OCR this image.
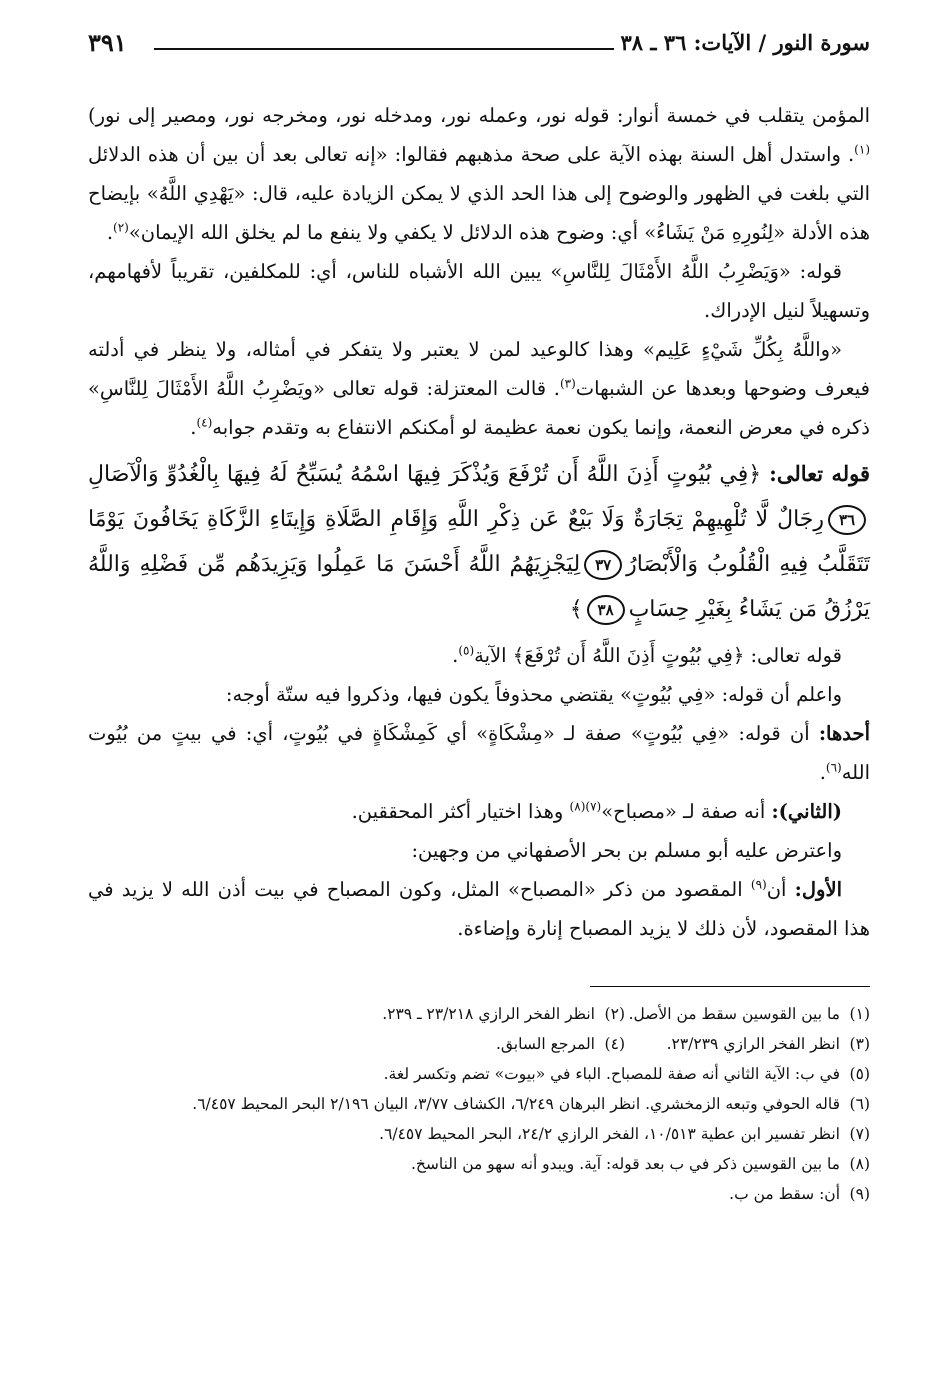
سورة النور / الآيات: ٣٦ ـ ٣٨
٣٩١

المؤمن يتقلب في خمسة أنوار: قوله نور، وعمله نور، ومدخله نور، ومخرجه نور، ومصير إلى نور)$^{(١)}$. واستدل أهل السنة بهذه الآية على صحة مذهبهم فقالوا: «إنه تعالى بعد أن بين أن هذه الدلائل التي بلغت في الظهور والوضوح إلى هذا الحد الذي لا يمكن الزيادة عليه، قال: «يَهْدِي اللَّهُ» بإيضاح هذه الأدلة «لِنُورِهِ مَنْ يَشَاءُ» أي: وضوح هذه الدلائل لا يكفي ولا ينفع ما لم يخلق الله الإيمان»$^{(٢)}$.

قوله: «وَيَضْرِبُ اللَّهُ الأَمْثَالَ لِلنَّاسِ» يبين الله الأشباه للناس، أي: للمكلفين، تقريباً لأفهامهم، وتسهيلاً لنيل الإدراك.

«واللَّهُ بِكُلِّ شَيْءٍ عَلِيم» وهذا كالوعيد لمن لا يعتبر ولا يتفكر في أمثاله، ولا ينظر في أدلته فيعرف وضوحها وبعدها عن الشبهات$^{(٣)}$. قالت المعتزلة: قوله تعالى «ويَضْرِبُ اللَّهُ الأَمْثَالَ لِلنَّاسِ» ذكره في معرض النعمة، وإنما يكون نعمة عظيمة لو أمكنكم الانتفاع به وتقدم جوابه$^{(٤)}$.

قوله تعالى: ﴿فِي بُيُوتٍ أَذِنَ اللَّهُ أَن تُرْفَعَ وَيُذْكَرَ فِيهَا اسْمُهُ يُسَبِّحُ لَهُ فِيهَا بِالْغُدُوِّ وَالْآصَالِ٣٦رِجَالٌ لَّا تُلْهِيهِمْ تِجَارَةٌ وَلَا بَيْعٌ عَن ذِكْرِ اللَّهِ وَإِقَامِ الصَّلَاةِ وَإِيتَاءِ الزَّكَاةِ يَخَافُونَ يَوْمًا تَتَقَلَّبُ فِيهِ الْقُلُوبُ وَالْأَبْصَارُ٣٧لِيَجْزِيَهُمُ اللَّهُ أَحْسَنَ مَا عَمِلُوا وَيَزِيدَهُم مِّن فَضْلِهِ وَاللَّهُ يَرْزُقُ مَن يَشَاءُ بِغَيْرِ حِسَابٍ٣٨﴾

قوله تعالى: ﴿فِي بُيُوتٍ أَذِنَ اللَّهُ أَن تُرْفَعَ﴾ الآية$^{(٥)}$.

واعلم أن قوله: «فِي بُيُوتٍ» يقتضي محذوفاً يكون فيها، وذكروا فيه ستّة أوجه:

أحدها: أن قوله: «فِي بُيُوتٍ» صفة لـ «مِشْكَاةٍ» أي كَمِشْكَاةٍ في بُيُوتٍ، أي: في بيتٍ من بُيُوت الله$^{(٦)}$.

(الثاني): أنه صفة لـ «مصباح»$^{(٧)(٨)}$ وهذا اختيار أكثر المحققين.

واعترض عليه أبو مسلم بن بحر الأصفهاني من وجهين:

الأول: أن$^{(٩)}$ المقصود من ذكر «المصباح» المثل، وكون المصباح في بيت أذن الله لا يزيد في هذا المقصود، لأن ذلك لا يزيد المصباح إنارة وإضاءة.

(١)ما بين القوسين سقط من الأصل.
(٢)انظر الفخر الرازي ٢٣/٢١٨ ـ ٢٣٩.
(٣)انظر الفخر الرازي ٢٣/٢٣٩.
(٤)المرجع السابق.

(٥)في ب: الآية الثاني أنه صفة للمصباح. الباء في «بيوت» تضم وتكسر لغة.

(٦)قاله الحوفي وتبعه الزمخشري. انظر البرهان ٦/٢٤٩، الكشاف ٣/٧٧، البيان ٢/١٩٦ البحر المحيط ٦/٤٥٧.

(٧)انظر تفسير ابن عطية ١٠/٥١٣، الفخر الرازي ٢٤/٢، البحر المحيط ٦/٤٥٧.

(٨)ما بين القوسين ذكر في ب بعد قوله: آية. ويبدو أنه سهو من الناسخ.

(٩)أن: سقط من ب.
